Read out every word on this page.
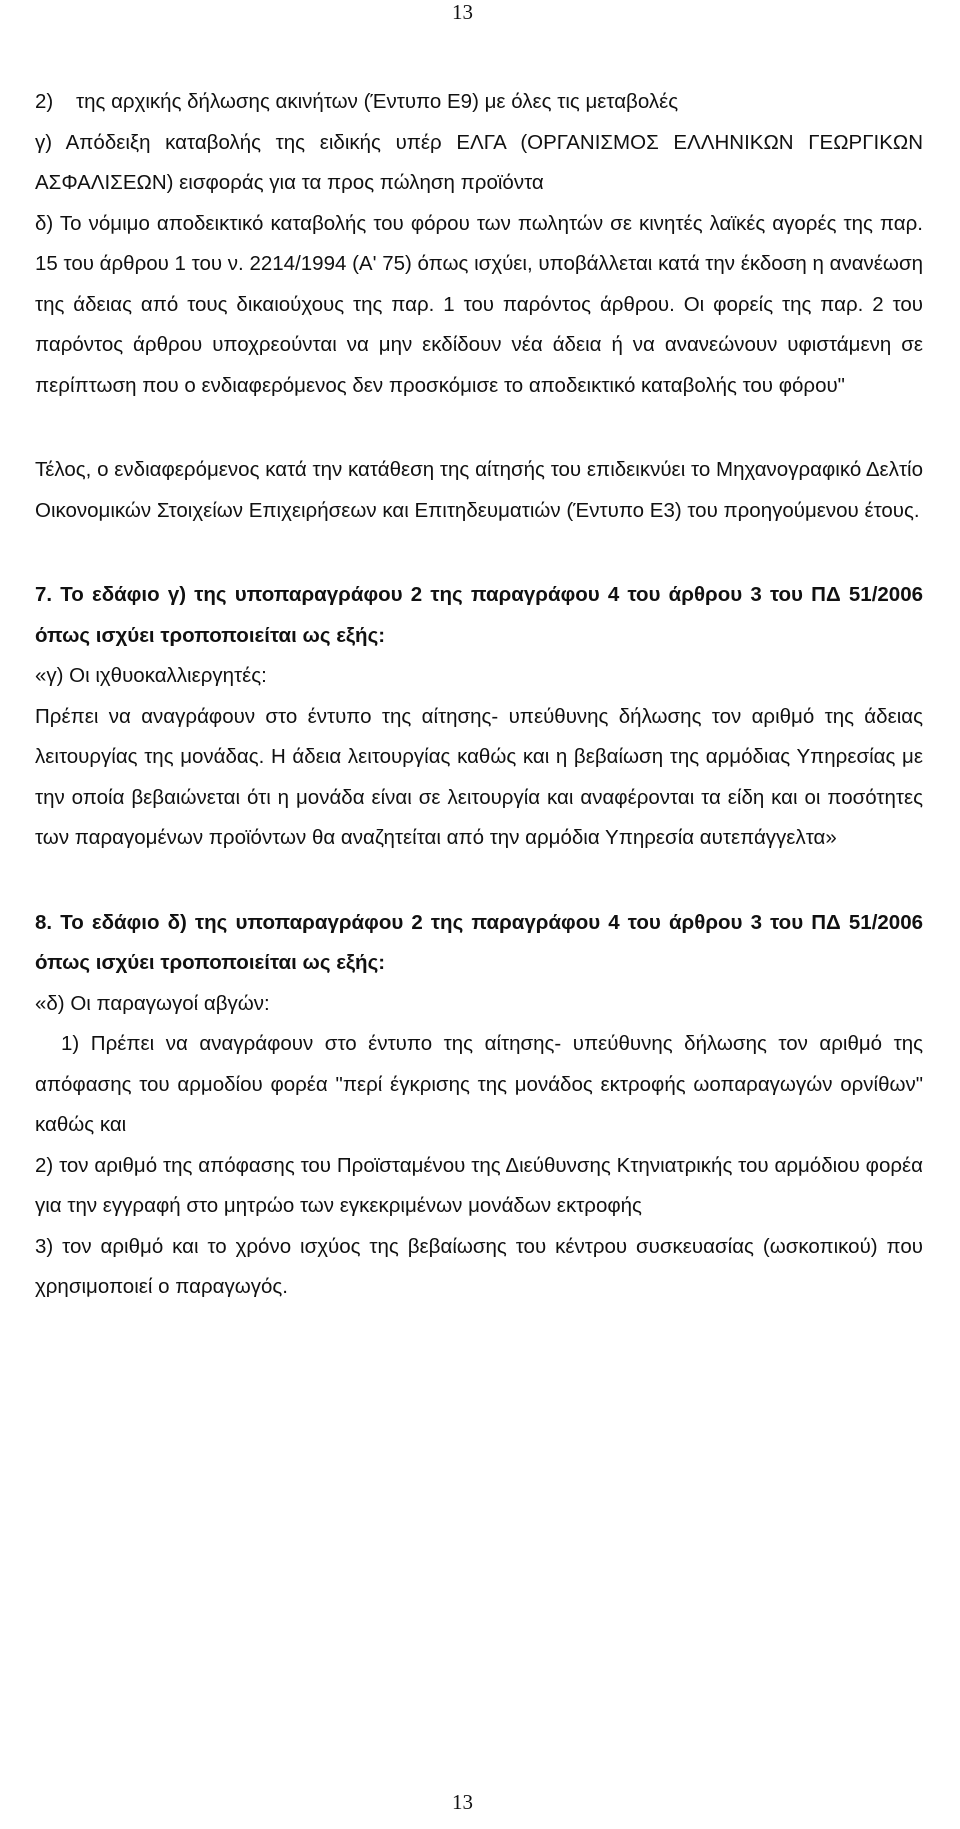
13

2)    της αρχικής δήλωσης ακινήτων (Έντυπο Ε9) με όλες τις μεταβολές

γ) Απόδειξη καταβολής της ειδικής υπέρ ΕΛΓΑ (ΟΡΓΑΝΙΣΜΟΣ ΕΛΛΗΝΙΚΩΝ ΓΕΩΡΓΙΚΩΝ ΑΣΦΑΛΙΣΕΩΝ) εισφοράς για τα προς πώληση προϊόντα

δ) Το νόμιμο αποδεικτικό καταβολής του φόρου των πωλητών σε κινητές λαϊκές αγορές της παρ. 15 του άρθρου 1 του ν. 2214/1994 (Α' 75) όπως ισχύει, υποβάλλεται κατά την έκδοση η ανανέωση της άδειας από τους δικαιούχους της παρ. 1 του παρόντος άρθρου. Οι φορείς της παρ. 2 του παρόντος άρθρου υποχρεούνται να μην εκδίδουν νέα άδεια ή να ανανεώνουν υφιστάμενη σε περίπτωση που ο ενδιαφερόμενος δεν προσκόμισε το αποδεικτικό καταβολής του φόρου"

Τέλος, ο ενδιαφερόμενος κατά την κατάθεση της αίτησής του επιδεικνύει το Μηχανογραφικό Δελτίο Οικονομικών Στοιχείων Επιχειρήσεων και Επιτηδευματιών (Έντυπο Ε3) του προηγούμενου έτους.

7. Το εδάφιο γ) της υποπαραγράφου 2 της παραγράφου 4 του άρθρου 3 του ΠΔ 51/2006 όπως ισχύει τροποποιείται ως εξής:

«γ) Οι ιχθυοκαλλιεργητές:

Πρέπει να αναγράφουν στο έντυπο της αίτησης- υπεύθυνης δήλωσης τον αριθμό της άδειας λειτουργίας της μονάδας. Η άδεια λειτουργίας καθώς και η βεβαίωση της αρμόδιας Υπηρεσίας με την οποία βεβαιώνεται ότι η μονάδα είναι σε λειτουργία και αναφέρονται τα είδη και οι ποσότητες των παραγομένων προϊόντων θα αναζητείται από την αρμόδια Υπηρεσία αυτεπάγγελτα»

8. Το εδάφιο δ) της υποπαραγράφου 2 της παραγράφου 4 του άρθρου 3 του ΠΔ 51/2006 όπως ισχύει τροποποιείται ως εξής:

«δ) Οι παραγωγοί αβγών:

1) Πρέπει να αναγράφουν στο έντυπο της αίτησης- υπεύθυνης δήλωσης τον αριθμό της απόφασης του αρμοδίου φορέα "περί έγκρισης της μονάδος εκτροφής ωοπαραγωγών ορνίθων" καθώς και

2) τον αριθμό της απόφασης του Προϊσταμένου της Διεύθυνσης Κτηνιατρικής του αρμόδιου φορέα για την εγγραφή στο μητρώο των εγκεκριμένων μονάδων εκτροφής

3) τον αριθμό και το χρόνο ισχύος της βεβαίωσης του κέντρου συσκευασίας (ωσκοπικού) που χρησιμοποιεί ο παραγωγός.

13
